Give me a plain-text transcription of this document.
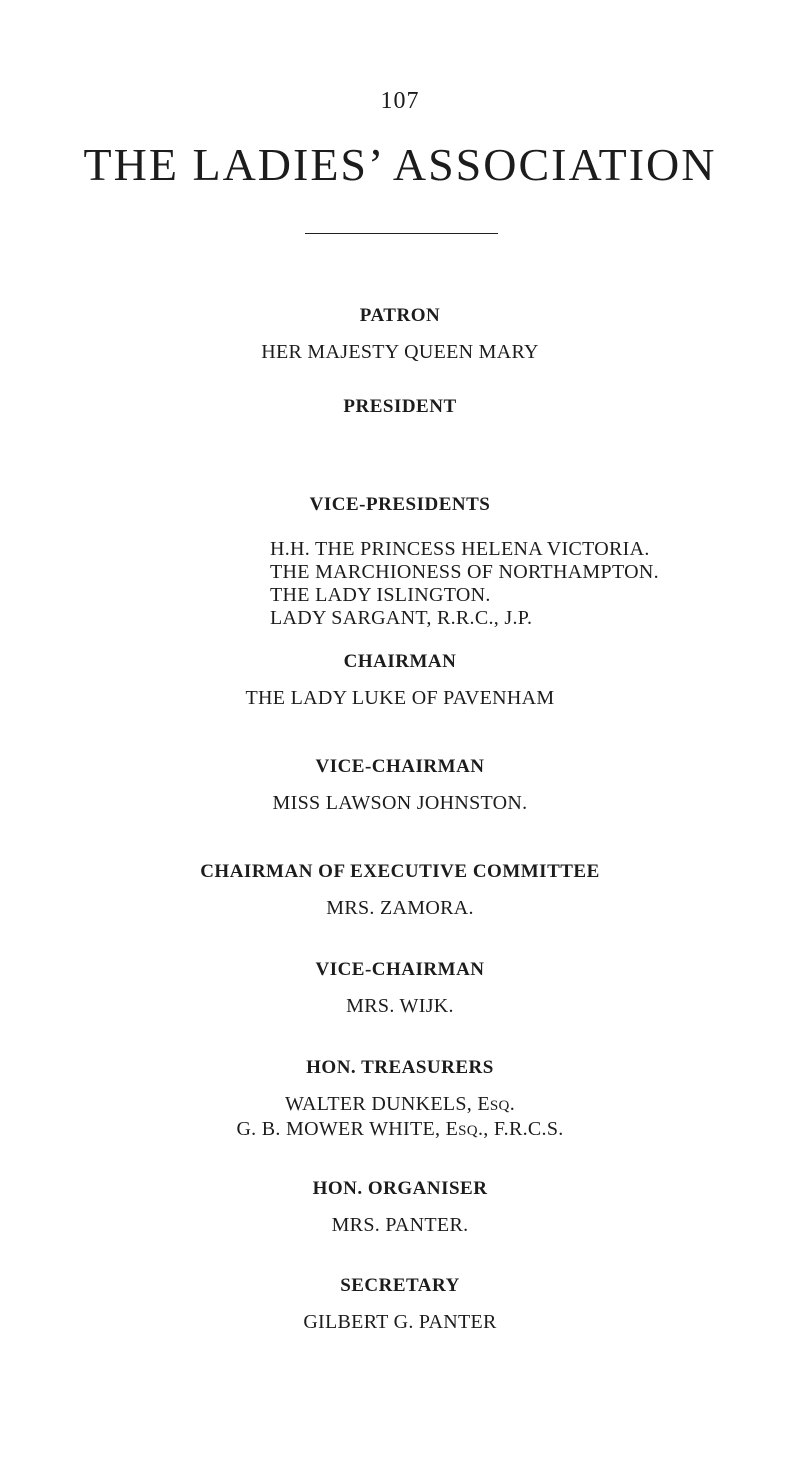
107
THE LADIES’ ASSOCIATION

PATRON

HER MAJESTY QUEEN MARY

PRESIDENT

VICE-PRESIDENTS

H.H. THE PRINCESS HELENA VICTORIA.

THE MARCHIONESS OF NORTHAMPTON.

THE LADY ISLINGTON.

LADY SARGANT, R.R.C., J.P.

CHAIRMAN

THE LADY LUKE OF PAVENHAM

VICE-CHAIRMAN

MISS LAWSON JOHNSTON.

CHAIRMAN OF EXECUTIVE COMMITTEE

MRS. ZAMORA.

VICE-CHAIRMAN

MRS. WIJK.

HON. TREASURERS

WALTER DUNKELS, ESQ.

G. B. MOWER WHITE, ESQ., F.R.C.S.

HON. ORGANISER

MRS. PANTER.

SECRETARY

GILBERT G. PANTER
